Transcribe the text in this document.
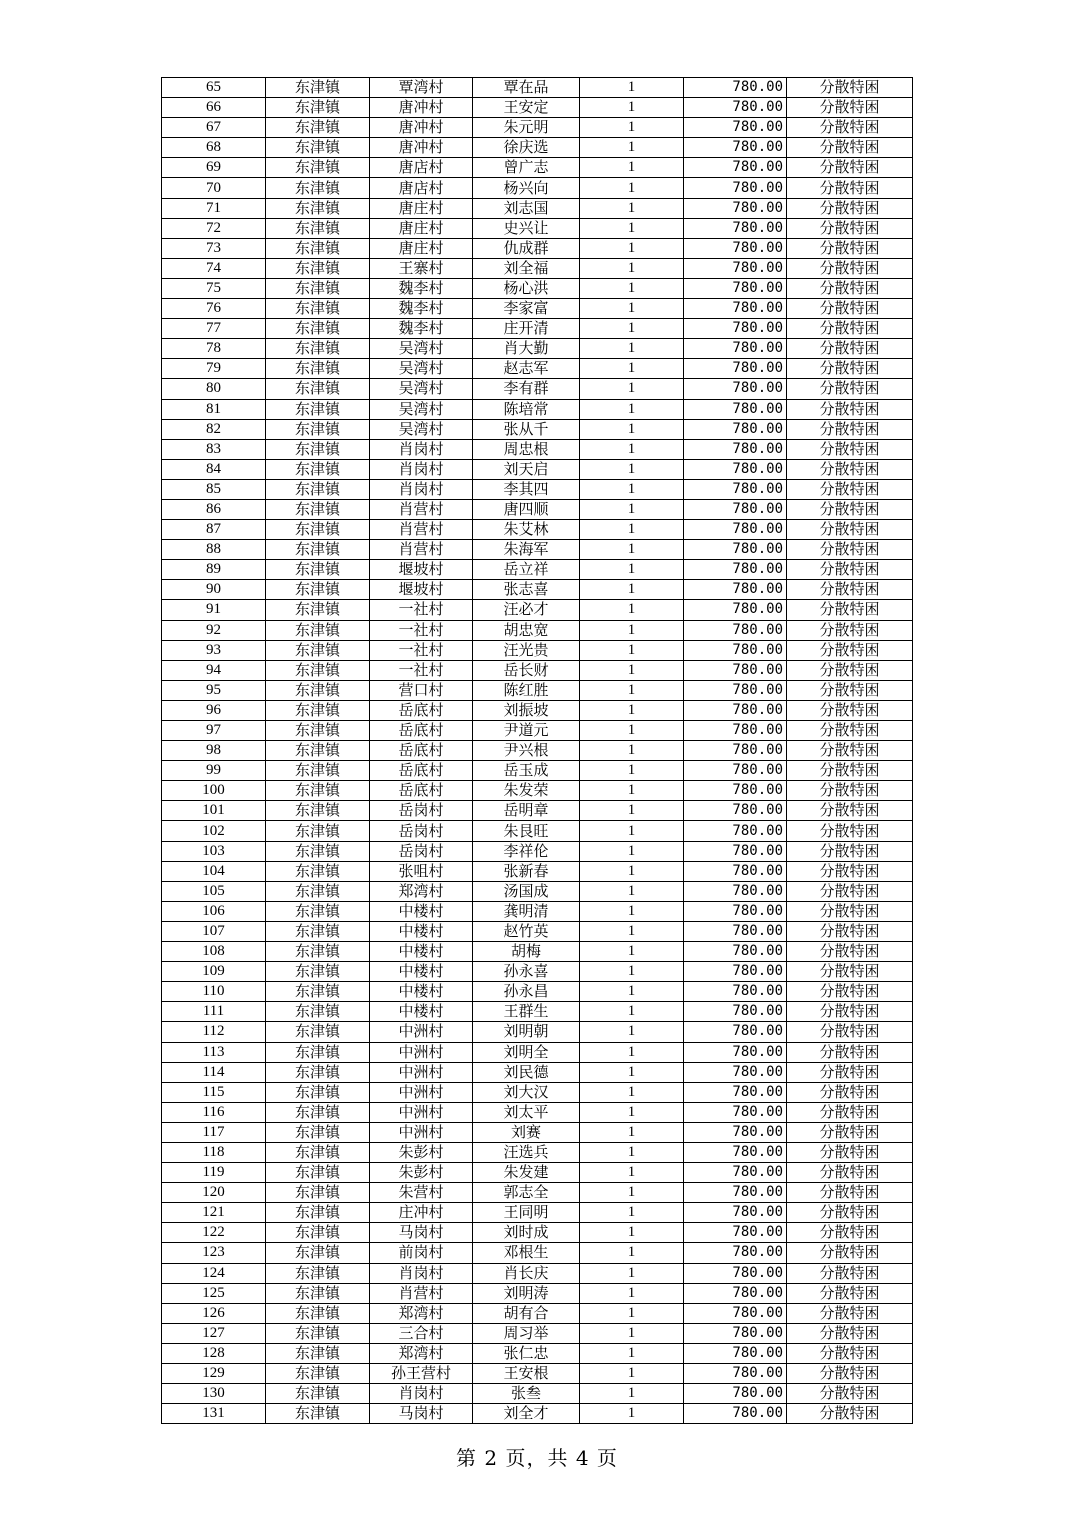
65	东津镇	覃湾村	覃在品	1	780.00	分散特困
66	东津镇	唐冲村	王安定	1	780.00	分散特困
67	东津镇	唐冲村	朱元明	1	780.00	分散特困
68	东津镇	唐冲村	徐庆选	1	780.00	分散特困
69	东津镇	唐店村	曾广志	1	780.00	分散特困
70	东津镇	唐店村	杨兴向	1	780.00	分散特困
71	东津镇	唐庄村	刘志国	1	780.00	分散特困
72	东津镇	唐庄村	史兴让	1	780.00	分散特困
73	东津镇	唐庄村	仇成群	1	780.00	分散特困
74	东津镇	王寨村	刘全福	1	780.00	分散特困
75	东津镇	魏李村	杨心洪	1	780.00	分散特困
76	东津镇	魏李村	李家富	1	780.00	分散特困
77	东津镇	魏李村	庄开清	1	780.00	分散特困
78	东津镇	吴湾村	肖大勤	1	780.00	分散特困
79	东津镇	吴湾村	赵志军	1	780.00	分散特困
80	东津镇	吴湾村	李有群	1	780.00	分散特困
81	东津镇	吴湾村	陈培常	1	780.00	分散特困
82	东津镇	吴湾村	张从千	1	780.00	分散特困
83	东津镇	肖岗村	周忠根	1	780.00	分散特困
84	东津镇	肖岗村	刘天启	1	780.00	分散特困
85	东津镇	肖岗村	李其四	1	780.00	分散特困
86	东津镇	肖营村	唐四顺	1	780.00	分散特困
87	东津镇	肖营村	朱艾林	1	780.00	分散特困
88	东津镇	肖营村	朱海军	1	780.00	分散特困
89	东津镇	堰坡村	岳立祥	1	780.00	分散特困
90	东津镇	堰坡村	张志喜	1	780.00	分散特困
91	东津镇	一社村	汪必才	1	780.00	分散特困
92	东津镇	一社村	胡忠宽	1	780.00	分散特困
93	东津镇	一社村	汪光贵	1	780.00	分散特困
94	东津镇	一社村	岳长财	1	780.00	分散特困
95	东津镇	营口村	陈红胜	1	780.00	分散特困
96	东津镇	岳底村	刘振坡	1	780.00	分散特困
97	东津镇	岳底村	尹道元	1	780.00	分散特困
98	东津镇	岳底村	尹兴根	1	780.00	分散特困
99	东津镇	岳底村	岳玉成	1	780.00	分散特困
100	东津镇	岳底村	朱发荣	1	780.00	分散特困
101	东津镇	岳岗村	岳明章	1	780.00	分散特困
102	东津镇	岳岗村	朱艮旺	1	780.00	分散特困
103	东津镇	岳岗村	李祥伦	1	780.00	分散特困
104	东津镇	张咀村	张新春	1	780.00	分散特困
105	东津镇	郑湾村	汤国成	1	780.00	分散特困
106	东津镇	中楼村	龚明清	1	780.00	分散特困
107	东津镇	中楼村	赵竹英	1	780.00	分散特困
108	东津镇	中楼村	胡梅	1	780.00	分散特困
109	东津镇	中楼村	孙永喜	1	780.00	分散特困
110	东津镇	中楼村	孙永昌	1	780.00	分散特困
111	东津镇	中楼村	王群生	1	780.00	分散特困
112	东津镇	中洲村	刘明朝	1	780.00	分散特困
113	东津镇	中洲村	刘明全	1	780.00	分散特困
114	东津镇	中洲村	刘民德	1	780.00	分散特困
115	东津镇	中洲村	刘大汉	1	780.00	分散特困
116	东津镇	中洲村	刘太平	1	780.00	分散特困
117	东津镇	中洲村	刘赛	1	780.00	分散特困
118	东津镇	朱彭村	汪选兵	1	780.00	分散特困
119	东津镇	朱彭村	朱发建	1	780.00	分散特困
120	东津镇	朱营村	郭志全	1	780.00	分散特困
121	东津镇	庄冲村	王同明	1	780.00	分散特困
122	东津镇	马岗村	刘时成	1	780.00	分散特困
123	东津镇	前岗村	邓根生	1	780.00	分散特困
124	东津镇	肖岗村	肖长庆	1	780.00	分散特困
125	东津镇	肖营村	刘明涛	1	780.00	分散特困
126	东津镇	郑湾村	胡有合	1	780.00	分散特困
127	东津镇	三合村	周习举	1	780.00	分散特困
128	东津镇	郑湾村	张仁忠	1	780.00	分散特困
129	东津镇	孙王营村	王安根	1	780.00	分散特困
130	东津镇	肖岗村	张叁	1	780.00	分散特困
131	东津镇	马岗村	刘全才	1	780.00	分散特困
第 2 页，共 4 页
